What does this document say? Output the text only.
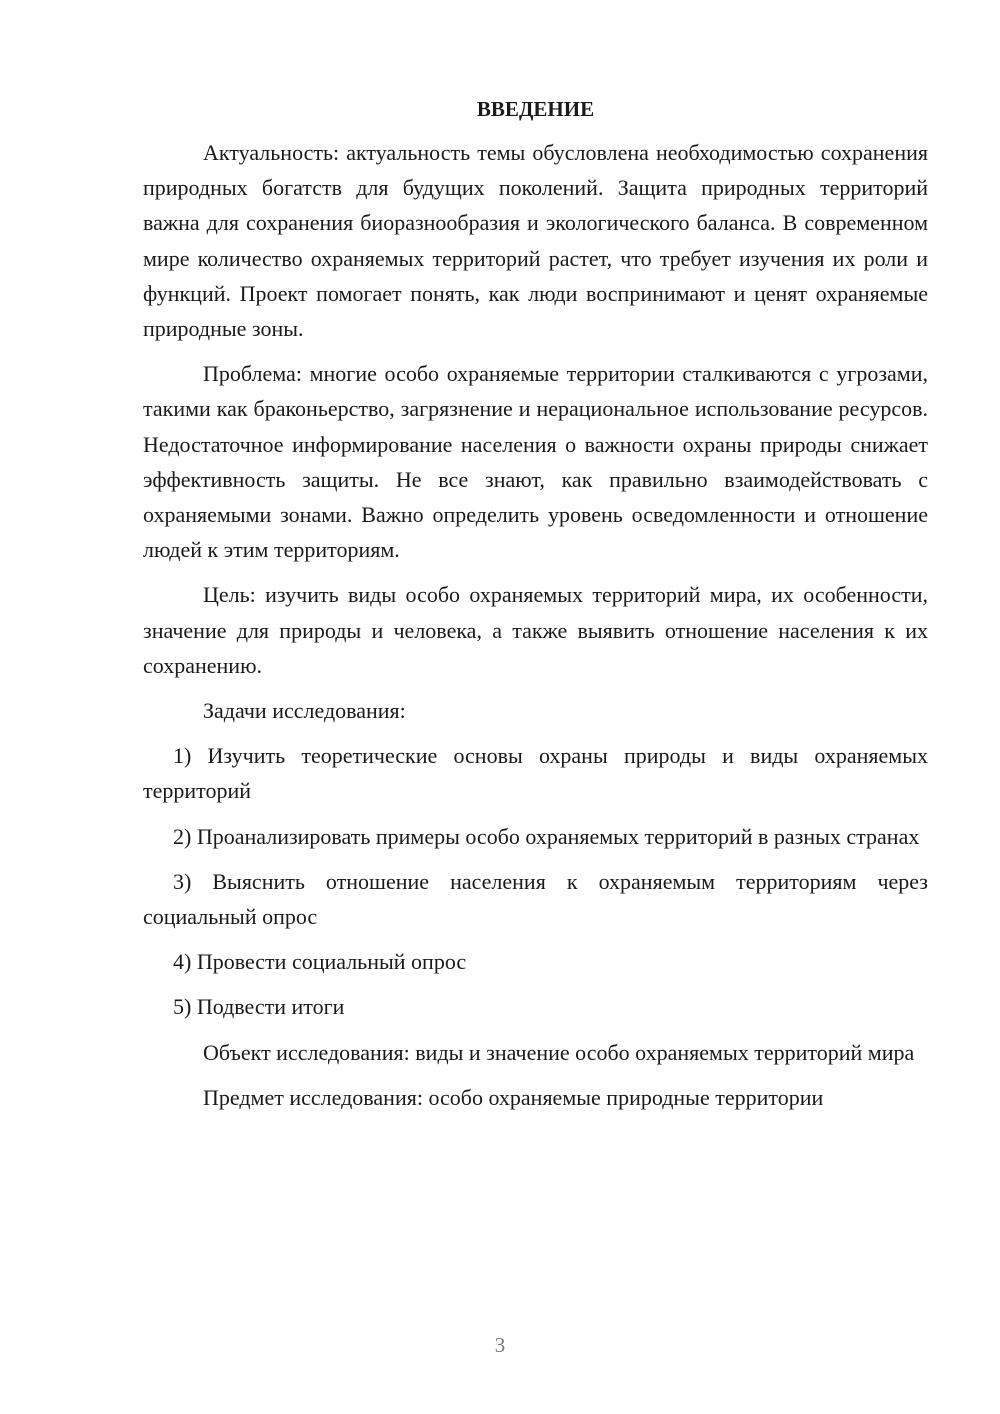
ВВЕДЕНИЕ

Актуальность: актуальность темы обусловлена необходимостью сохранения природных богатств для будущих поколений. Защита природных территорий важна для сохранения биоразнообразия и экологического баланса. В современном мире количество охраняемых территорий растет, что требует изучения их роли и функций. Проект помогает понять, как люди воспринимают и ценят охраняемые природные зоны.

Проблема: многие особо охраняемые территории сталкиваются с угрозами, такими как браконьерство, загрязнение и нерациональное использование ресурсов. Недостаточное информирование населения о важности охраны природы снижает эффективность защиты. Не все знают, как правильно взаимодействовать с охраняемыми зонами. Важно определить уровень осведомленности и отношение людей к этим территориям.

Цель: изучить виды особо охраняемых территорий мира, их особенности, значение для природы и человека, а также выявить отношение населения к их сохранению.

Задачи исследования:

1) Изучить теоретические основы охраны природы и виды охраняемых территорий

2) Проанализировать примеры особо охраняемых территорий в разных странах

3) Выяснить отношение населения к охраняемым территориям через социальный опрос

4) Провести социальный опрос

5) Подвести итоги

Объект исследования: виды и значение особо охраняемых территорий мира

Предмет исследования: особо охраняемые природные территории

3
